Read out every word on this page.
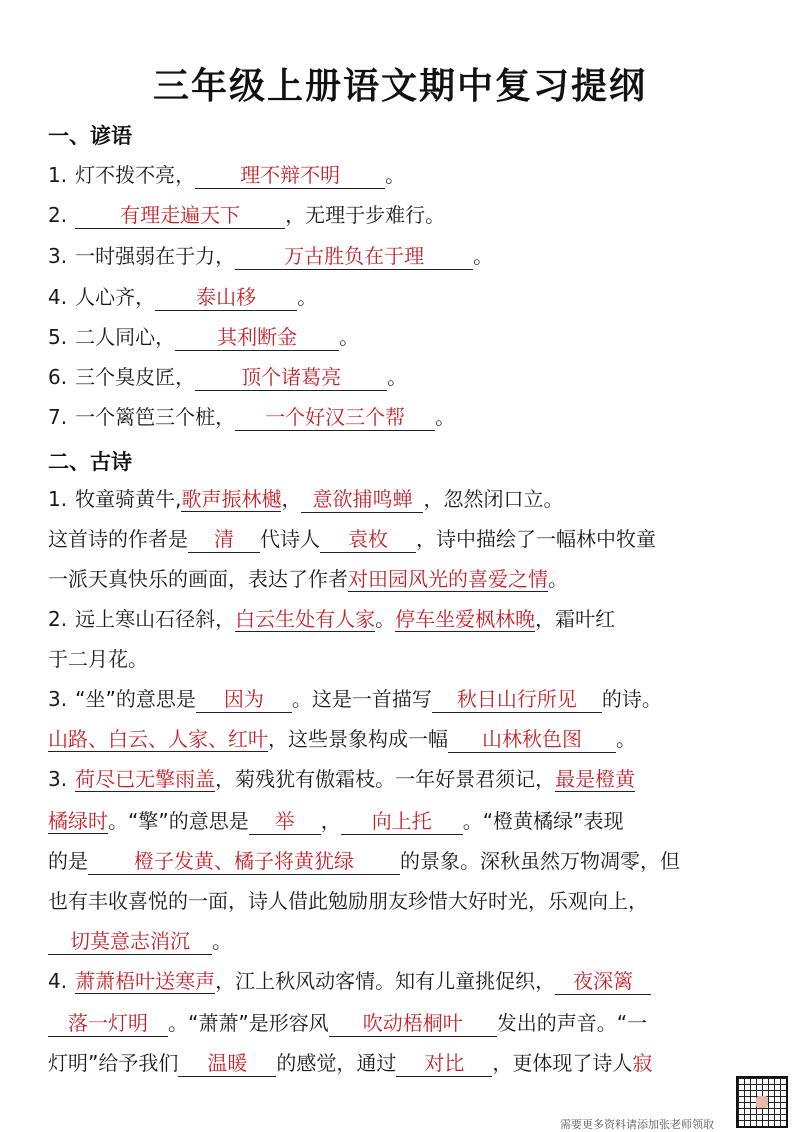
三年级上册语文期中复习提纲
一、谚语
1. 灯不拨不亮， 理不辩不明 。
2.	有理走遍天下 ，无理于步难行。
3. 一时强弱在于力， 万古胜负在于理 。
4. 人心齐， 泰山移 。
5. 二人同心， 其利断金 。
6. 三个臭皮匠， 顶个诸葛亮 。
7. 一个篱笆三个桩， 一个好汉三个帮 。
二、古诗
1. 牧童骑黄牛,歌声振林樾， 意欲捕鸣蝉 ，忽然闭口立。
这首诗的作者是 清 代诗人 袁枚 ，诗中描绘了一幅林中牧童
一派天真快乐的画面，表达了作者对田园风光的喜爱之情。
2. 远上寒山石径斜，白云生处有人家。停车坐爱枫林晚，霜叶红
于二月花。
3. “坐”的意思是 因为 。这是一首描写 秋日山行所见 的诗。
山路、白云、人家、红叶，这些景象构成一幅 山林秋色图 。
3. 荷尽已无擎雨盖，菊残犹有傲霜枝。一年好景君须记，最是橙黄
橘绿时。“擎”的意思是 举 ， 向上托 。“橙黄橘绿”表现
的是 橙子发黄、橘子将黄犹绿 的景象。深秋虽然万物凋零，但
也有丰收喜悦的一面，诗人借此勉励朋友珍惜大好时光，乐观向上，
切莫意志消沉 。
4. 萧萧梧叶送寒声，江上秋风动客情。知有儿童挑促织， 夜深篱
落一灯明 。“萧萧”是形容风 吹动梧桐叶 发出的声音。“一
灯明”给予我们 温暖 的感觉，通过 对比 ，更体现了诗人寂
需要更多资料请添加张老师领取
